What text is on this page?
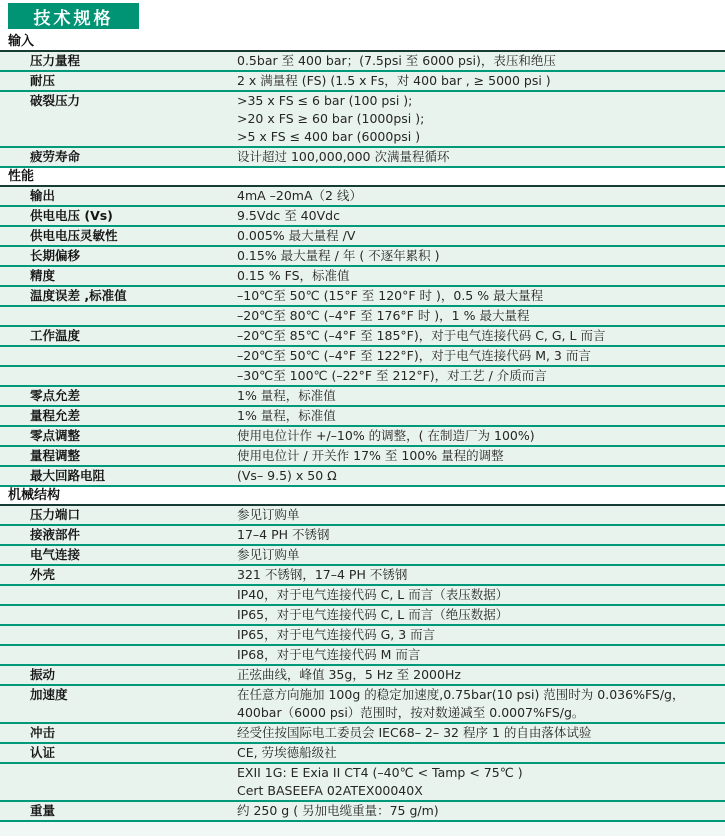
技术规格
输入
压力量程	0.5bar 至 400 bar；(7.5psi 至 6000 psi)，表压和绝压
耐压	2 x 满量程 (FS) (1.5 x Fs，对 400 bar , ≥ 5000 psi )
破裂压力	>35 x FS ≤ 6 bar (100 psi );
>20 x FS ≥ 60 bar (1000psi );
>5 x FS ≤ 400 bar (6000psi )
疲劳寿命	设计超过 100,000,000 次满量程循环
性能
输出	4mA –20mA（2 线）
供电电压 (Vs)	9.5Vdc 至 40Vdc
供电电压灵敏性	0.005% 最大量程 /V
长期偏移	0.15% 最大量程 / 年 ( 不逐年累积 )
精度	0.15 % FS，标准值
温度误差 ,标准值	–10℃至 50℃ (15°F 至 120°F 时 )，0.5 % 最大量程
–20℃至 80℃ (–4°F 至 176°F 时 )，1 % 最大量程
工作温度	–20℃至 85℃ (–4°F 至 185°F)，对于电气连接代码 C, G, L 而言
–20℃至 50℃ (–4°F 至 122°F)，对于电气连接代码 M, 3 而言
–30℃至 100℃ (–22°F 至 212°F)，对工艺 / 介质而言
零点允差	1% 量程，标准值
量程允差	1% 量程，标准值
零点调整	使用电位计作 +/–10% 的调整，( 在制造厂为 100%)
量程调整	使用电位计 / 开关作 17% 至 100% 量程的调整
最大回路电阻	(Vs– 9.5) x 50 Ω
机械结构
压力端口	参见订购单
接液部件	17–4 PH 不锈钢
电气连接	参见订购单
外壳	321 不锈钢，17–4 PH 不锈钢
IP40，对于电气连接代码 C, L 而言（表压数据）
IP65，对于电气连接代码 C, L 而言（绝压数据）
IP65，对于电气连接代码 G, 3 而言
IP68，对于电气连接代码 M 而言
振动	正弦曲线，峰值 35g，5 Hz 至 2000Hz
加速度	在任意方向施加 100g 的稳定加速度,0.75bar(10 psi) 范围时为 0.036%FS/g，
400bar（6000 psi）范围时，按对数递减至 0.0007%FS/g。
冲击	经受住按国际电工委员会 IEC68– 2– 32 程序 1 的自由落体试验
认证	CE, 劳埃德船级社
EXII 1G: E Exia II CT4 (–40℃ < Tamp < 75℃ )
Cert BASEEFA 02ATEX00040X
重量	约 250 g ( 另加电缆重量：75 g/m)
